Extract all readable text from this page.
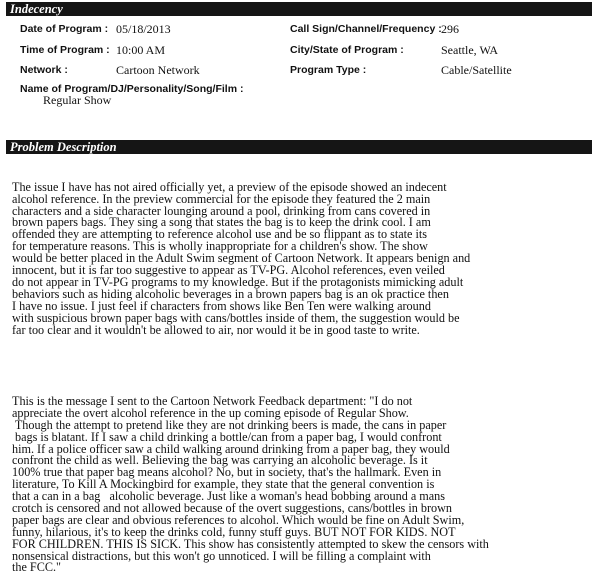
Indecency
Date of Program : 05/18/2013
Time of Program : 10:00 AM
Network :	Cartoon Network
Call Sign/Channel/Frequency : 296
City/State of Program :	Seattle, WA
Program Type :	Cable/Satellite
Name of Program/DJ/Personality/Song/Film :
Regular Show
Problem Description

The issue I have has not aired officially yet, a preview of the episode showed an indecent
alcohol reference. In the preview commercial for the episode they featured the 2 main
characters and a side character lounging around a pool, drinking from cans covered in
brown papers bags. They sing a song that states the bag is to keep the drink cool. I am
offended they are attempting to reference alcohol use and be so flippant as to state its
for temperature reasons. This is wholly inappropriate for a children's show. The show
would be better placed in the Adult Swim segment of Cartoon Network. It appears benign and
innocent, but it is far too suggestive to appear as TV-PG. Alcohol references, even veiled
do not appear in TV-PG programs to my knowledge. But if the protagonists mimicking adult
behaviors such as hiding alcoholic beverages in a brown papers bag is an ok practice then
I have no issue. I just feel if characters from shows like Ben Ten were walking around
with suspicious brown paper bags with cans/bottles inside of them, the suggestion would be
far too clear and it wouldn't be allowed to air, nor would it be in good taste to write.

This is the message I sent to the Cartoon Network Feedback department: "I do not
appreciate the overt alcohol reference in the up coming episode of Regular Show.
Though the attempt to pretend like they are not drinking beers is made, the cans in paper
bags is blatant. If I saw a child drinking a bottle/can from a paper bag, I would confront
him. If a police officer saw a child walking around drinking from a paper bag, they would
confront the child as well. Believing the bag was carrying an alcoholic beverage. Is it
100% true that paper bag means alcohol? No, but in society, that's the hallmark. Even in
literature, To Kill A Mockingbird for example, they state that the general convention is
that a can in a bag   alcoholic beverage. Just like a woman's head bobbing around a mans
crotch is censored and not allowed because of the overt suggestions, cans/bottles in brown
paper bags are clear and obvious references to alcohol. Which would be fine on Adult Swim,
funny, hilarious, it's to keep the drinks cold, funny stuff guys. BUT NOT FOR KIDS. NOT
FOR CHILDREN. THIS IS SICK. This show has consistently attempted to skew the censors with
nonsensical distractions, but this won't go unnoticed. I will be filling a complaint with
the FCC."
